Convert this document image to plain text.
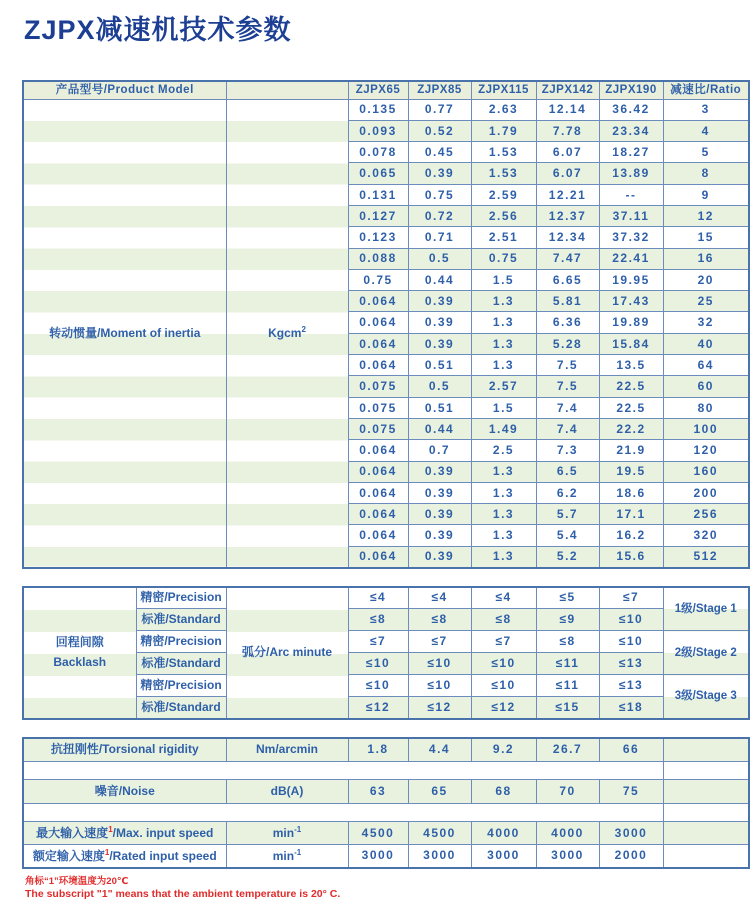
ZJPX减速机技术参数
产品型号/Product Model		ZJPX65	ZJPX85	ZJPX115	ZJPX142	ZJPX190	减速比/Ratio
转动惯量/Moment of inertia	Kgcm$^2$	0.135	0.77	2.63	12.14	36.42	3
		0.093	0.52	1.79	7.78	23.34	4
		0.078	0.45	1.53	6.07	18.27	5
		0.065	0.39	1.53	6.07	13.89	8
		0.131	0.75	2.59	12.21	--	9
		0.127	0.72	2.56	12.37	37.11	12
		0.123	0.71	2.51	12.34	37.32	15
		0.088	0.5	0.75	7.47	22.41	16
		0.75	0.44	1.5	6.65	19.95	20
		0.064	0.39	1.3	5.81	17.43	25
		0.064	0.39	1.3	6.36	19.89	32
		0.064	0.39	1.3	5.28	15.84	40
		0.064	0.51	1.3	7.5	13.5	64
		0.075	0.5	2.57	7.5	22.5	60
		0.075	0.51	1.5	7.4	22.5	80
		0.075	0.44	1.49	7.4	22.2	100
		0.064	0.7	2.5	7.3	21.9	120
		0.064	0.39	1.3	6.5	19.5	160
		0.064	0.39	1.3	6.2	18.6	200
		0.064	0.39	1.3	5.7	17.1	256
		0.064	0.39	1.3	5.4	16.2	320
		0.064	0.39	1.3	5.2	15.6	512
回程间隙
Backlash	精密/Precision	弧分/Arc minute	≤4	≤4	≤4	≤5	≤7	1级/Stage 1
	标准/Standard		≤8	≤8	≤8	≤9	≤10	
	精密/Precision		≤7	≤7	≤7	≤8	≤10	2级/Stage 2
	标准/Standard		≤10	≤10	≤10	≤11	≤13	
	精密/Precision		≤10	≤10	≤10	≤11	≤13	3级/Stage 3
	标准/Standard		≤12	≤12	≤12	≤15	≤18	
抗扭刚性/Torsional rigidity	Nm/arcmin	1.8	4.4	9.2	26.7	66	

噪音/Noise	dB(A)	63	65	68	70	75	

最大输入速度$^1$/Max. input speed	$\min^{-1}$	4500	4500	4000	4000	3000	
额定输入速度$^1$/Rated input speed	$\min^{-1}$	3000	3000	3000	3000	2000	
角标“1”环境温度为20℃
The subscript "1" means that the ambient temperature is 20° C.
